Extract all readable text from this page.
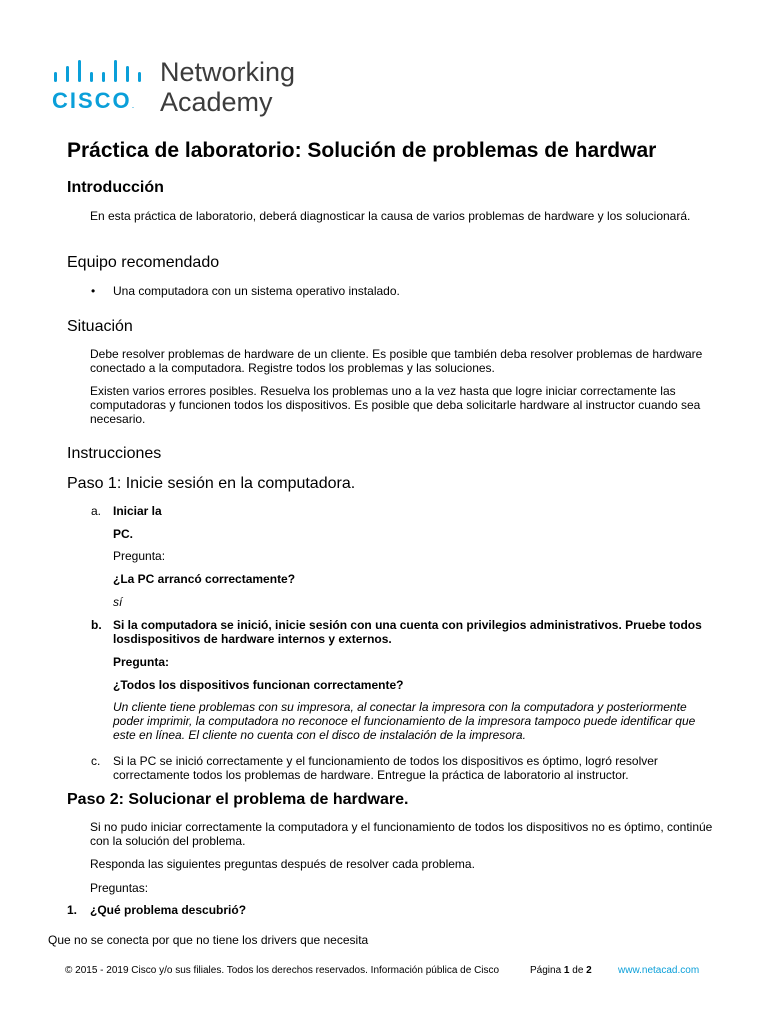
CISCO.
Networking
Academy
Práctica de laboratorio: Solución de problemas de hardwar
Introducción
En esta práctica de laboratorio, deberá diagnosticar la causa de varios problemas de hardware y los solucionará.
Equipo recomendado
• Una computadora con un sistema operativo instalado.
Situación
Debe resolver problemas de hardware de un cliente. Es posible que también deba resolver problemas de hardware conectado a la computadora. Registre todos los problemas y las soluciones.
Existen varios errores posibles. Resuelva los problemas uno a la vez hasta que logre iniciar correctamente las computadoras y funcionen todos los dispositivos. Es posible que deba solicitarle hardware al instructor cuando sea necesario.
Instrucciones
Paso 1: Inicie sesión en la computadora.
a. Iniciar la
PC.
Pregunta:
¿La PC arrancó correctamente?
sí
b. Si la computadora se inició, inicie sesión con una cuenta con privilegios administrativos. Pruebe todos losdispositivos de hardware internos y externos.
Pregunta:
¿Todos los dispositivos funcionan correctamente?
Un cliente tiene problemas con su impresora, al conectar la impresora con la computadora y posteriormente poder imprimir, la computadora no reconoce el funcionamiento de la impresora tampoco puede identificar que este en línea. El cliente no cuenta con el disco de instalación de la impresora.
c. Si la PC se inició correctamente y el funcionamiento de todos los dispositivos es óptimo, logró resolver correctamente todos los problemas de hardware. Entregue la práctica de laboratorio al instructor.
Paso 2: Solucionar el problema de hardware.
Si no pudo iniciar correctamente la computadora y el funcionamiento de todos los dispositivos no es óptimo, continúe con la solución del problema.
Responda las siguientes preguntas después de resolver cada problema.
Preguntas:
1. ¿Qué problema descubrió?
Que no se conecta por que no tiene los drivers que necesita
© 2015 - 2019 Cisco y/o sus filiales. Todos los derechos reservados. Información pública de Cisco	Página 1 de 2	www.netacad.com
